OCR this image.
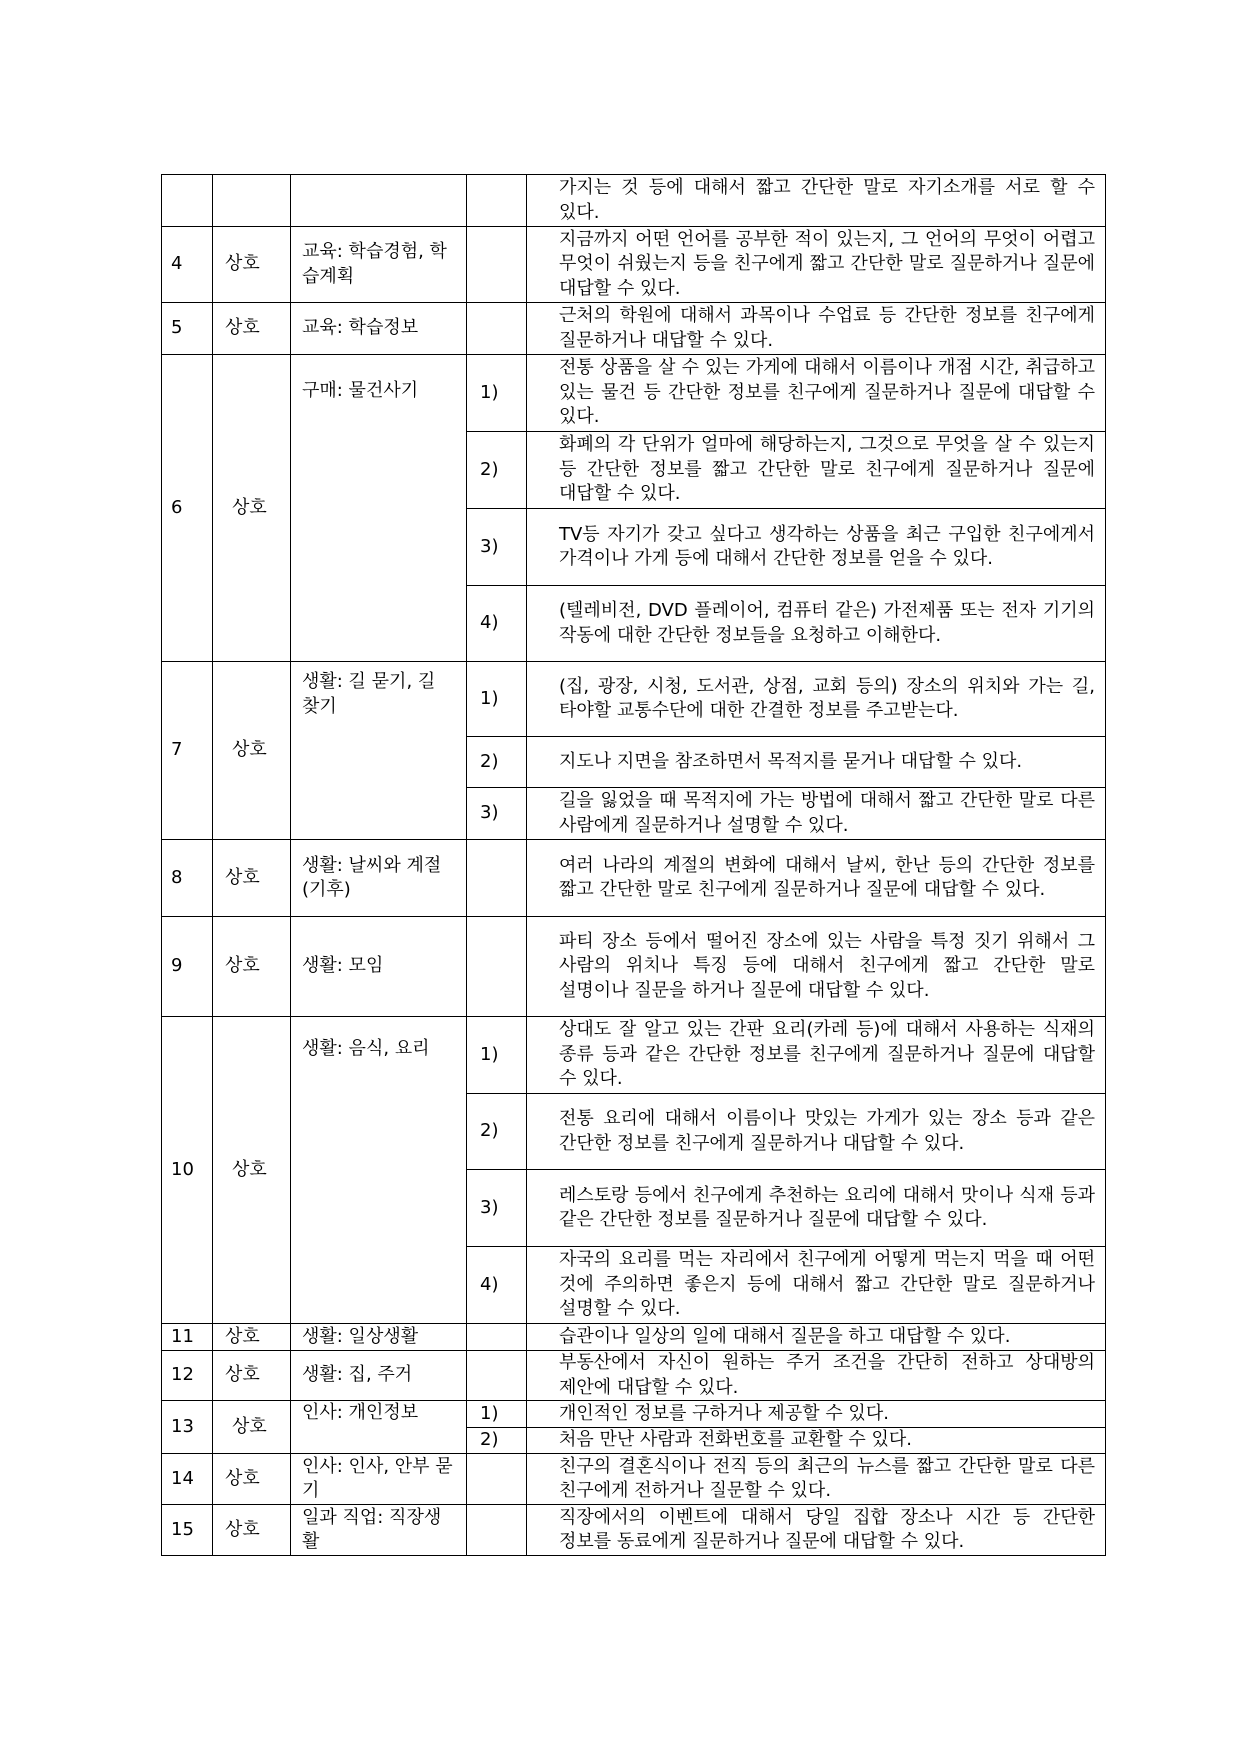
				가지는 것 등에 대해서 짧고 간단한 말로 자기소개를 서로 할 수 있다.
4	상호	교육: 학습경험, 학습계획		지금까지 어떤 언어를 공부한 적이 있는지, 그 언어의 무엇이 어렵고 무엇이 쉬웠는지 등을 친구에게 짧고 간단한 말로 질문하거나 질문에 대답할 수 있다.
5	상호	교육: 학습정보		근처의 학원에 대해서 과목이나 수업료 등 간단한 정보를 친구에게 질문하거나 대답할 수 있다.
6	상호	구매: 물건사기	1)	전통 상품을 살 수 있는 가게에 대해서 이름이나 개점 시간, 취급하고 있는 물건 등 간단한 정보를 친구에게 질문하거나 질문에 대답할 수 있다.
			2)	화폐의 각 단위가 얼마에 해당하는지, 그것으로 무엇을 살 수 있는지 등 간단한 정보를 짧고 간단한 말로 친구에게 질문하거나 질문에 대답할 수 있다.
			3)	TV등 자기가 갖고 싶다고 생각하는 상품을 최근 구입한 친구에게서 가격이나 가게 등에 대해서 간단한 정보를 얻을 수 있다.
			4)	(텔레비전, DVD 플레이어, 컴퓨터 같은) 가전제품 또는 전자 기기의 작동에 대한 간단한 정보들을 요청하고 이해한다.
7	상호	생활: 길 묻기, 길 찾기	1)	(집, 광장, 시청, 도서관, 상점, 교회 등의) 장소의 위치와 가는 길, 타야할 교통수단에 대한 간결한 정보를 주고받는다.
			2)	지도나 지면을 참조하면서 목적지를 묻거나 대답할 수 있다.
			3)	길을 잃었을 때 목적지에 가는 방법에 대해서 짧고 간단한 말로 다른 사람에게 질문하거나 설명할 수 있다.
8	상호	생활: 날씨와 계절(기후)		여러 나라의 계절의 변화에 대해서 날씨, 한난 등의 간단한 정보를 짧고 간단한 말로 친구에게 질문하거나 질문에 대답할 수 있다.
9	상호	생활: 모임		파티 장소 등에서 떨어진 장소에 있는 사람을 특정 짓기 위해서 그 사람의 위치나 특징 등에 대해서 친구에게 짧고 간단한 말로 설명이나 질문을 하거나 질문에 대답할 수 있다.
10	상호	생활: 음식, 요리	1)	상대도 잘 알고 있는 간판 요리(카레 등)에 대해서 사용하는 식재의 종류 등과 같은 간단한 정보를 친구에게 질문하거나 질문에 대답할 수 있다.
			2)	전통 요리에 대해서 이름이나 맛있는 가게가 있는 장소 등과 같은 간단한 정보를 친구에게 질문하거나 대답할 수 있다.
			3)	레스토랑 등에서 친구에게 추천하는 요리에 대해서 맛이나 식재 등과 같은 간단한 정보를 질문하거나 질문에 대답할 수 있다.
			4)	자국의 요리를 먹는 자리에서 친구에게 어떻게 먹는지 먹을 때 어떤 것에 주의하면 좋은지 등에 대해서 짧고 간단한 말로 질문하거나 설명할 수 있다.
11	상호	생활: 일상생활		습관이나 일상의 일에 대해서 질문을 하고 대답할 수 있다.
12	상호	생활: 집, 주거		부동산에서 자신이 원하는 주거 조건을 간단히 전하고 상대방의 제안에 대답할 수 있다.
13	상호	인사: 개인정보	1)	개인적인 정보를 구하거나 제공할 수 있다.
			2)	처음 만난 사람과 전화번호를 교환할 수 있다.
14	상호	인사: 인사, 안부 묻기		친구의 결혼식이나 전직 등의 최근의 뉴스를 짧고 간단한 말로 다른 친구에게 전하거나 질문할 수 있다.
15	상호	일과 직업: 직장생활		직장에서의 이벤트에 대해서 당일 집합 장소나 시간 등 간단한 정보를 동료에게 질문하거나 질문에 대답할 수 있다.
